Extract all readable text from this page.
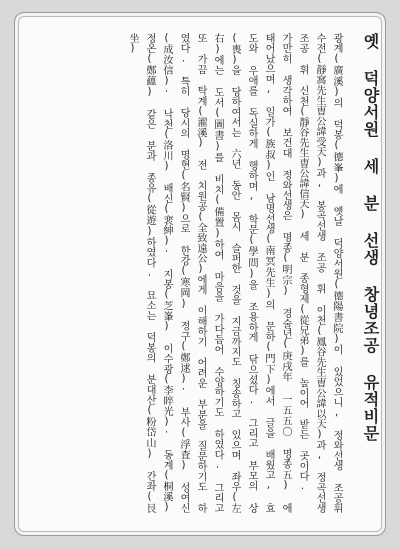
옛 덕양서원 세 분 선생 창녕조공 유적비문
광계(廣溪)의 덕봉(德峯)에 옛날 덕양서원(德陽書院)이 있었으니, 정와선생 조공휘 수전(靜窩先生曺公諱受天)과, 봉곡선생 조공 휘 이천(鳳谷先生曺公諱以天)과, 정곡선생 조공 휘 신천(靜谷先生曺公諱信天) 세 분 종형제(從兄弟)를 높이어 받든 곳이다.
가만히 생각하여 보건대 정와선생은 명종(明宗) 경술년(庚戌年 一五五〇 명종五) 에 태어났으며, 일가(族叔)인 남명선생(南冥先生)의 문하(門下)에서 글을 배웠고, 효도와 우애를 독실하게 행하며, 학문(學問)을 조용하게 닦으셨다. 그리고 부모의 상(喪)을 당하여서는 六년 동안 몸시 슬퍼한 것을 지금까지도 칭송하고 있으며 좌우(左右)에는 도서(圖書)를 비치(備置)하여 마음을 가다듬어 수양하기도 하였다. 그리고 또 가끔 탁계(濯溪) 전 치원공(全致遠公)에게 이해하기 어려운 부분을 질문하기도 하였다. 특히 당시의 명현(名賢)으로 한강(寒岡) 정구(鄭逑)· 부사(浮査) 성여신(成汝信)· 낙천(洛川) 배신(裵紳)· 지봉(芝峯) 이수광(李睟光)· 동계(桐溪) 정온(鄭蘊) 같은 분과 종유(從遊)하였다. 묘소는 덕봉의 분대산(粉岱山) 간좌(艮坐)
